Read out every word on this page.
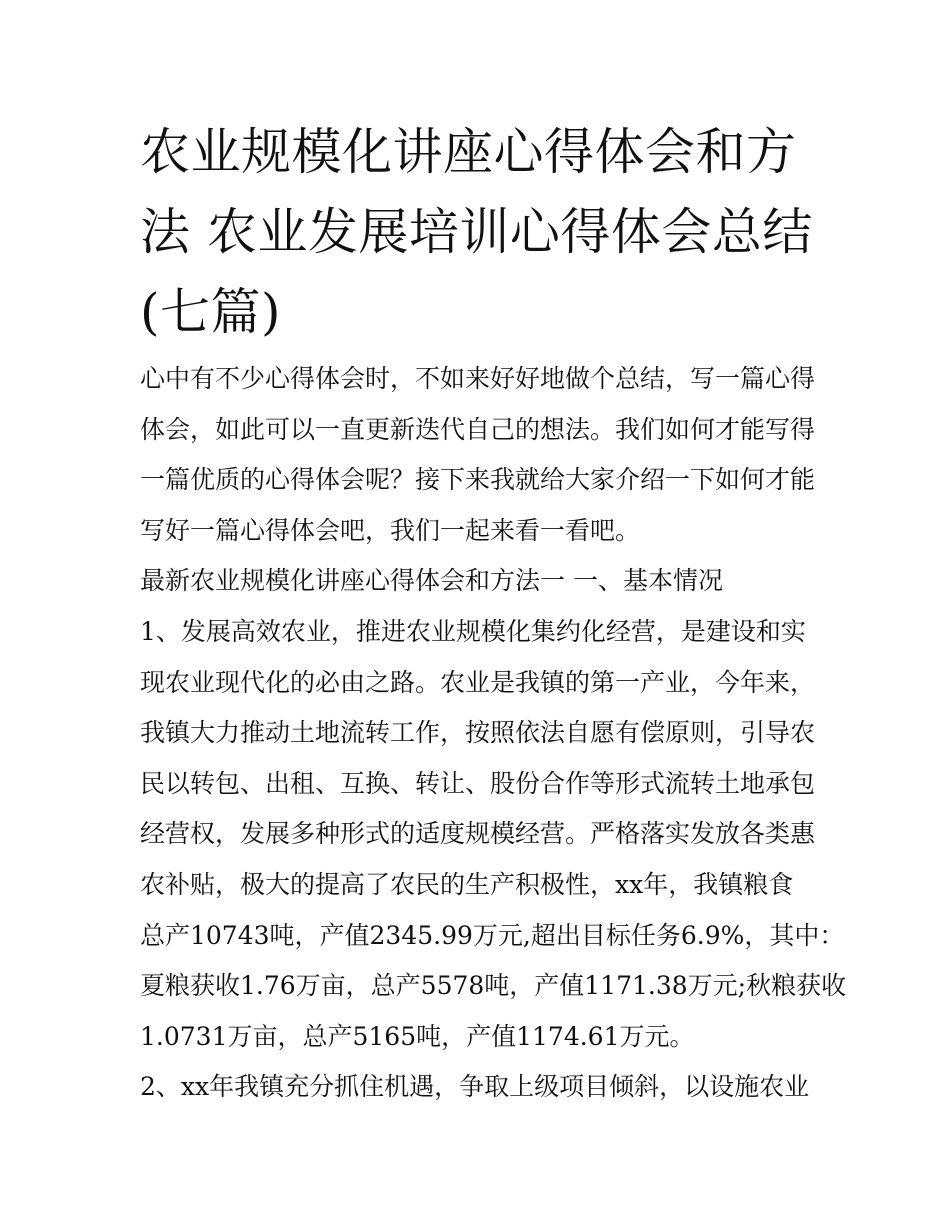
农业规模化讲座心得体会和方
法 农业发展培训心得体会总结
(七篇)
心中有不少心得体会时，不如来好好地做个总结，写一篇心得
体会，如此可以一直更新迭代自己的想法。我们如何才能写得
一篇优质的心得体会呢？接下来我就给大家介绍一下如何才能
写好一篇心得体会吧，我们一起来看一看吧。
最新农业规模化讲座心得体会和方法一 一、基本情况
1、发展高效农业，推进农业规模化集约化经营，是建设和实
现农业现代化的必由之路。农业是我镇的第一产业，今年来，
我镇大力推动土地流转工作，按照依法自愿有偿原则，引导农
民以转包、出租、互换、转让、股份合作等形式流转土地承包
经营权，发展多种形式的适度规模经营。严格落实发放各类惠
农补贴，极大的提高了农民的生产积极性，xx年，我镇粮食
总产10743吨，产值2345.99万元,超出目标任务6.9%，其中：
夏粮获收1.76万亩，总产5578吨，产值1171.38万元;秋粮获收
1.0731万亩，总产5165吨，产值1174.61万元。
2、xx年我镇充分抓住机遇，争取上级项目倾斜，以设施农业
